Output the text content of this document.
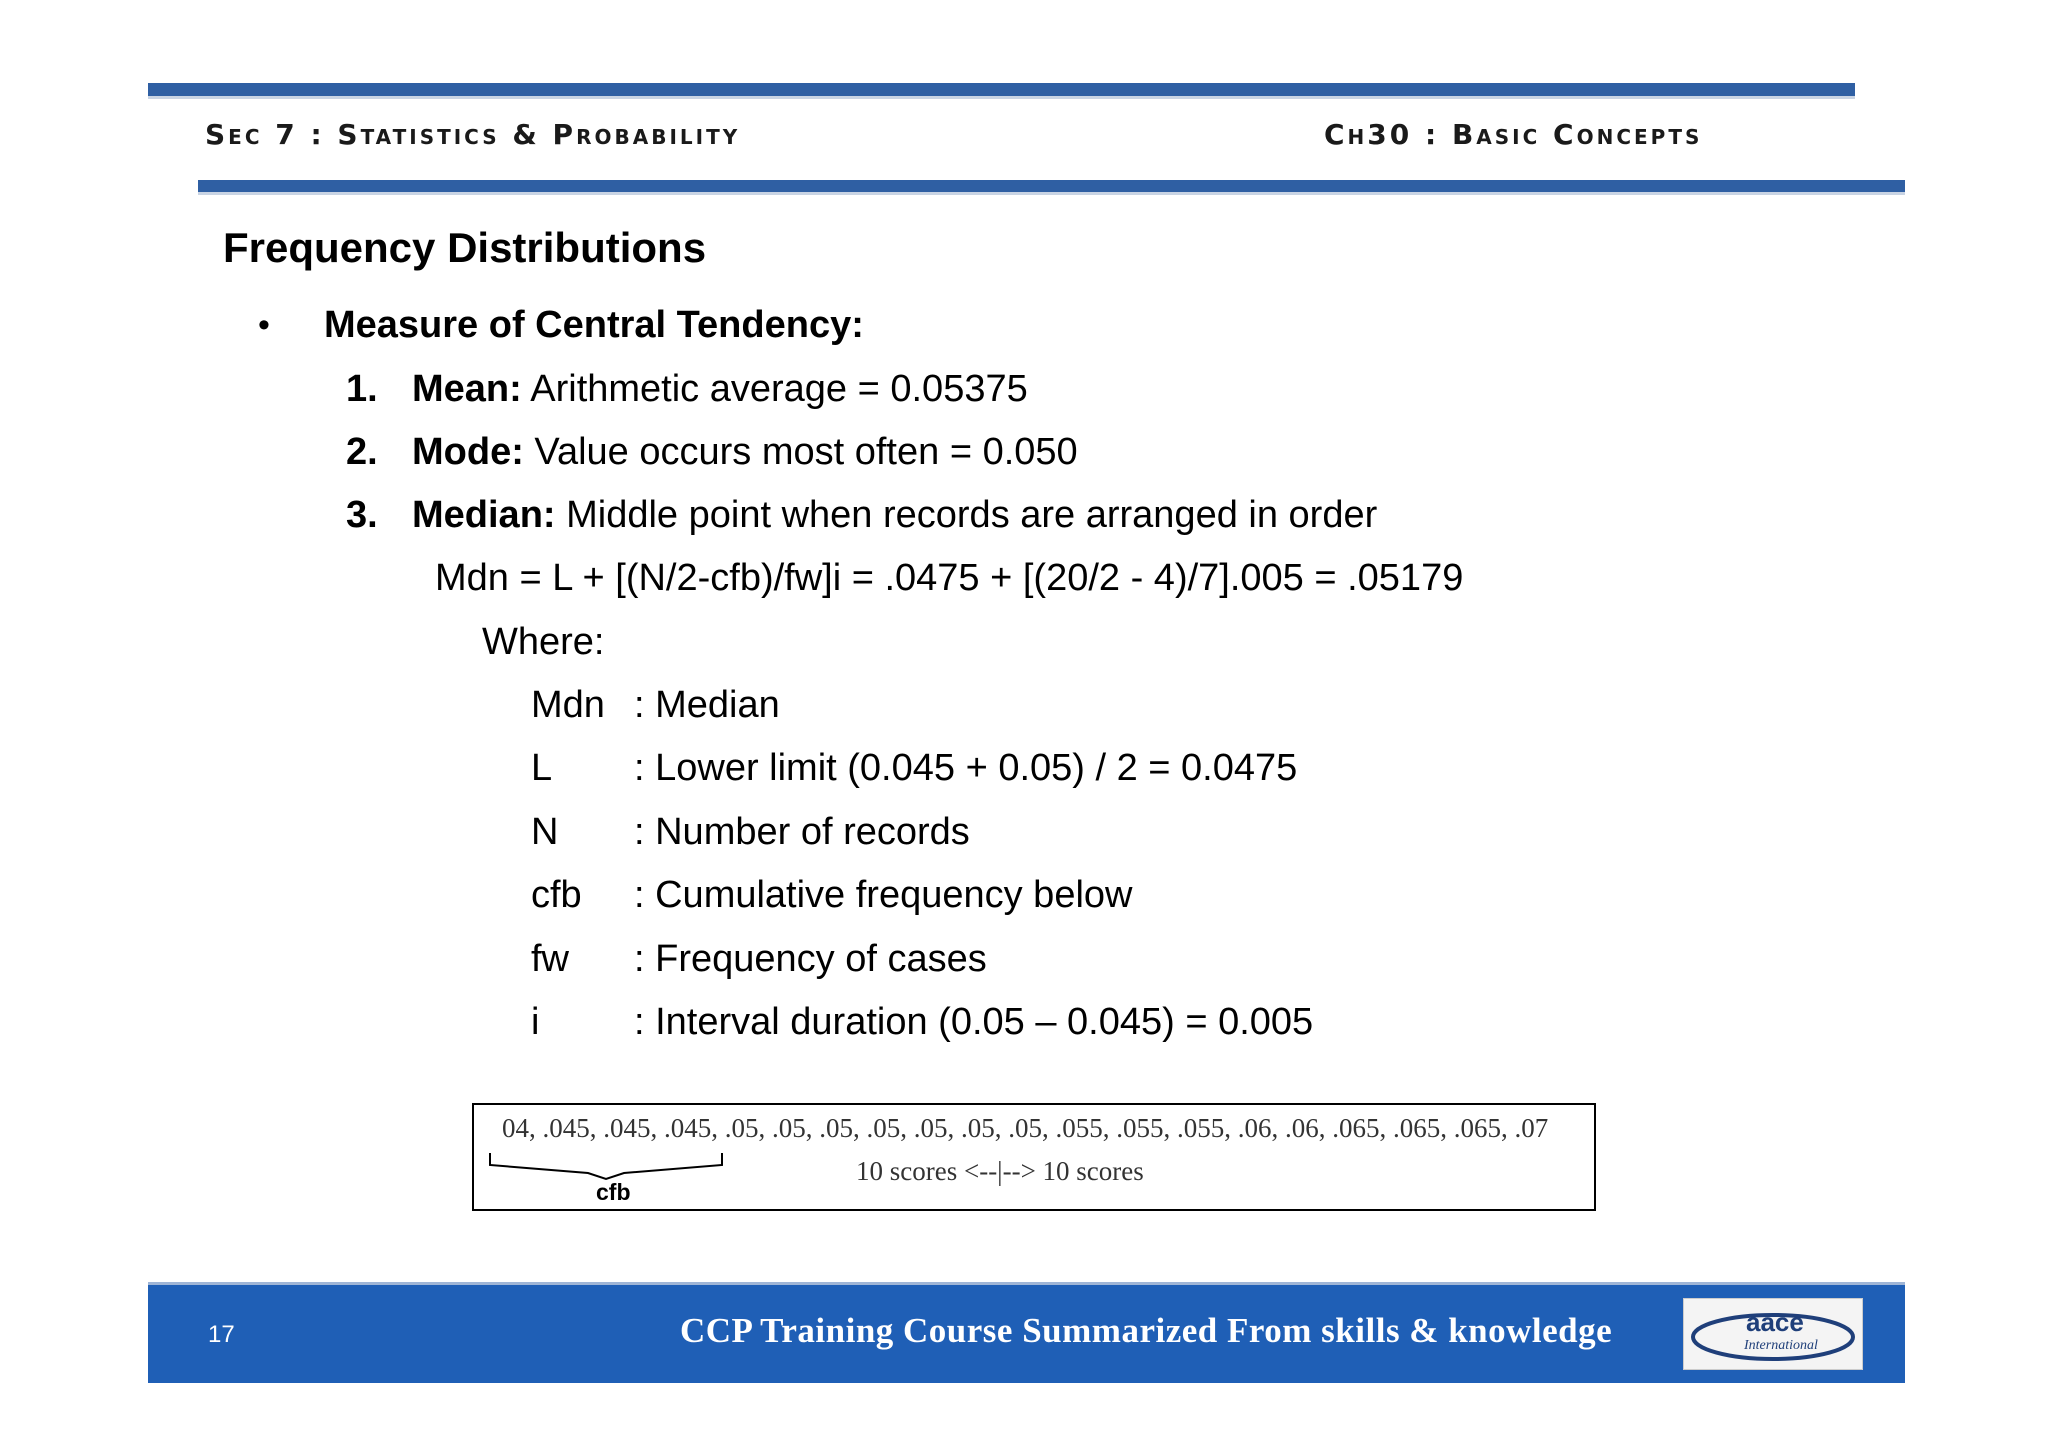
Sec 7 : Statistics & Probability	Ch30 : Basic Concepts
Frequency Distributions
• Measure of Central Tendency:
1. Mean: Arithmetic average = 0.05375
2. Mode: Value occurs most often = 0.050
3. Median: Middle point when records are arranged in order
Mdn = L + [(N/2-cfb)/fw]i = .0475 + [(20/2 - 4)/7].005 = .05179
Where:
Mdn : Median
L : Lower limit (0.045 + 0.05) / 2 = 0.0475
N : Number of records
cfb : Cumulative frequency below
fw : Frequency of cases
i : Interval duration (0.05 – 0.045) = 0.005
04, .045, .045, .045, .05, .05, .05, .05, .05, .05, .05, .055, .055, .055, .06, .06, .065, .065, .065, .07
10 scores <--|--> 10 scores
cfb
17	CCP Training Course Summarized From skills & knowledge	aace
International
